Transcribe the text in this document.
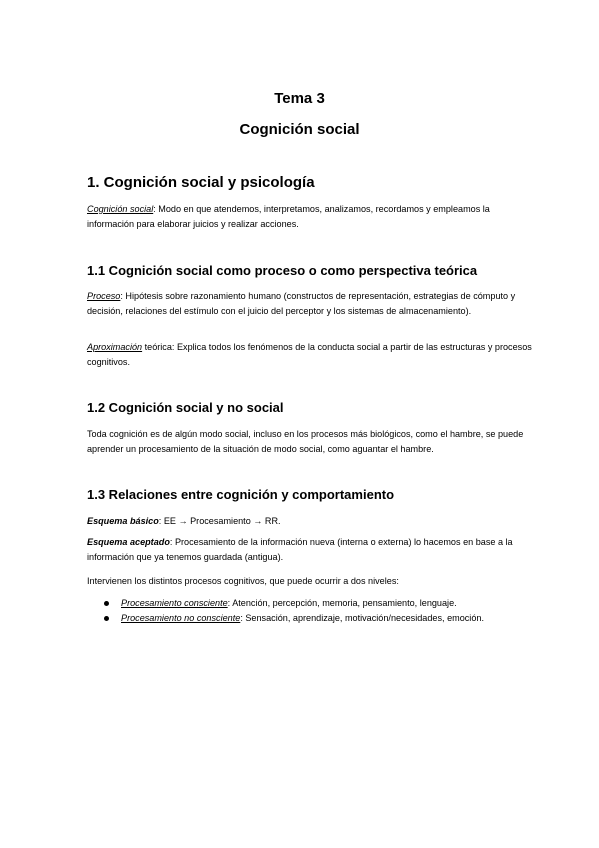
Tema 3
Cognición social
1. Cognición social y psicología

Cognición social: Modo en que atendemos, interpretamos, analizamos, recordamos y empleamos la información para elaborar juicios y realizar acciones.

1.1 Cognición social como proceso o como perspectiva teórica

Proceso: Hipótesis sobre razonamiento humano (constructos de representación, estrategias de cómputo y decisión, relaciones del estímulo con el juicio del perceptor y los sistemas de almacenamiento).

Aproximación teórica: Explica todos los fenómenos de la conducta social a partir de las estructuras y procesos cognitivos.

1.2 Cognición social y no social

Toda cognición es de algún modo social, incluso en los procesos más biológicos, como el hambre, se puede aprender un procesamiento de la situación de modo social, como aguantar el hambre.

1.3 Relaciones entre cognición y comportamiento

Esquema básico: EE → Procesamiento → RR.

Esquema aceptado: Procesamiento de la información nueva (interna o externa) lo hacemos en base a la información que ya tenemos guardada (antigua).

Intervienen los distintos procesos cognitivos, que puede ocurrir a dos niveles:

Procesamiento consciente: Atención, percepción, memoria, pensamiento, lenguaje.
Procesamiento no consciente: Sensación, aprendizaje, motivación/necesidades, emoción.
